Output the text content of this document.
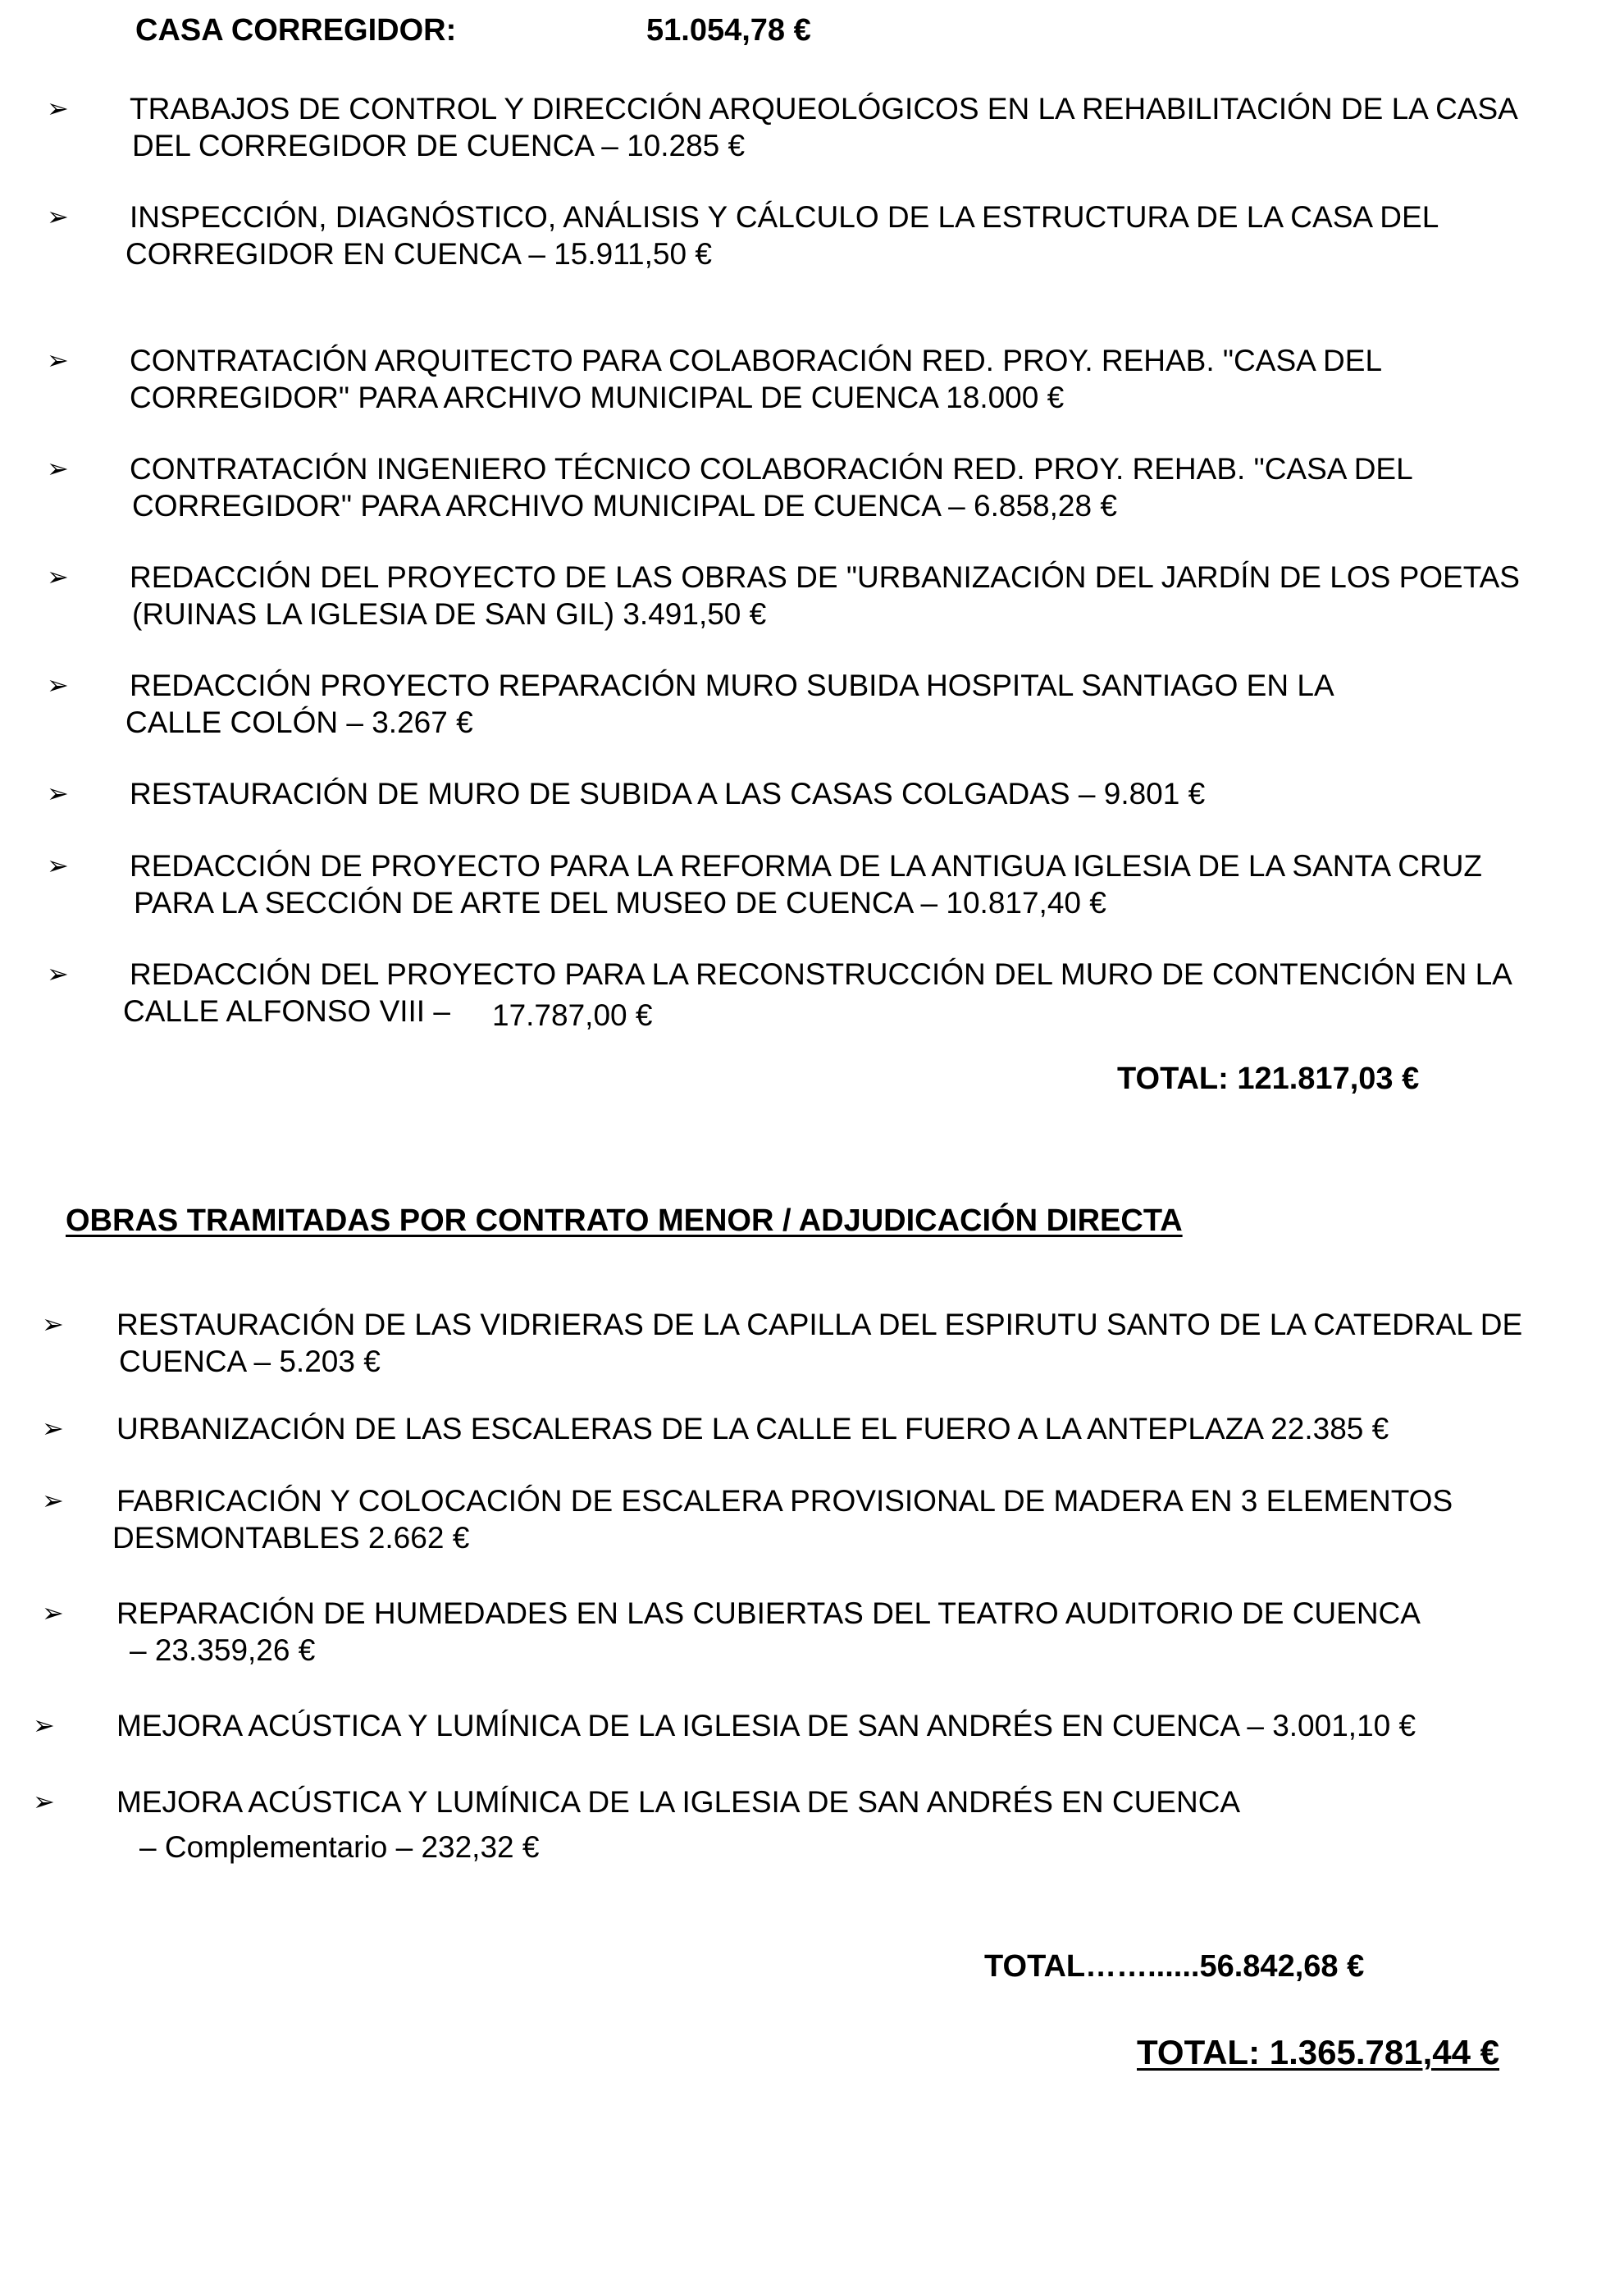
CASA CORREGIDOR:	51.054,78 €
➢ TRABAJOS DE CONTROL Y DIRECCIÓN ARQUEOLÓGICOS EN LA REHABILITACIÓN DE LA CASA
DEL CORREGIDOR DE CUENCA – 10.285 €
➢ INSPECCIÓN, DIAGNÓSTICO, ANÁLISIS Y CÁLCULO DE LA ESTRUCTURA DE LA CASA DEL
CORREGIDOR EN CUENCA – 15.911,50 €
➢ CONTRATACIÓN ARQUITECTO PARA COLABORACIÓN RED. PROY. REHAB. "CASA DEL
CORREGIDOR" PARA ARCHIVO MUNICIPAL DE CUENCA 18.000 €
➢ CONTRATACIÓN INGENIERO TÉCNICO COLABORACIÓN RED. PROY. REHAB. "CASA DEL
CORREGIDOR" PARA ARCHIVO MUNICIPAL DE CUENCA – 6.858,28 €
➢ REDACCIÓN DEL PROYECTO DE LAS OBRAS DE "URBANIZACIÓN DEL JARDÍN DE LOS POETAS
(RUINAS LA IGLESIA DE SAN GIL) 3.491,50 €
➢ REDACCIÓN PROYECTO REPARACIÓN MURO SUBIDA HOSPITAL SANTIAGO EN LA
CALLE COLÓN – 3.267 €
➢ RESTAURACIÓN DE MURO DE SUBIDA A LAS CASAS COLGADAS – 9.801 €
➢ REDACCIÓN DE PROYECTO PARA LA REFORMA DE LA ANTIGUA IGLESIA DE LA SANTA CRUZ
PARA LA SECCIÓN DE ARTE DEL MUSEO DE CUENCA – 10.817,40 €
➢ REDACCIÓN DEL PROYECTO PARA LA RECONSTRUCCIÓN DEL MURO DE CONTENCIÓN EN LA
CALLE ALFONSO VIII – 17.787,00 €
TOTAL: 121.817,03 €
OBRAS TRAMITADAS POR CONTRATO MENOR / ADJUDICACIÓN DIRECTA
➢ RESTAURACIÓN DE LAS VIDRIERAS DE LA CAPILLA DEL ESPIRUTU SANTO DE LA CATEDRAL DE
CUENCA – 5.203 €
➢ URBANIZACIÓN DE LAS ESCALERAS DE LA CALLE EL FUERO A LA ANTEPLAZA 22.385 €
➢ FABRICACIÓN Y COLOCACIÓN DE ESCALERA PROVISIONAL DE MADERA EN 3 ELEMENTOS
DESMONTABLES 2.662 €
➢ REPARACIÓN DE HUMEDADES EN LAS CUBIERTAS DEL TEATRO AUDITORIO DE CUENCA
– 23.359,26 €
➢ MEJORA ACÚSTICA Y LUMÍNICA DE LA IGLESIA DE SAN ANDRÉS EN CUENCA – 3.001,10 €
➢ MEJORA ACÚSTICA Y LUMÍNICA DE LA IGLESIA DE SAN ANDRÉS EN CUENCA
– Complementario – 232,32 €
TOTAL……......56.842,68 €
TOTAL: 1.365.781,44 €
